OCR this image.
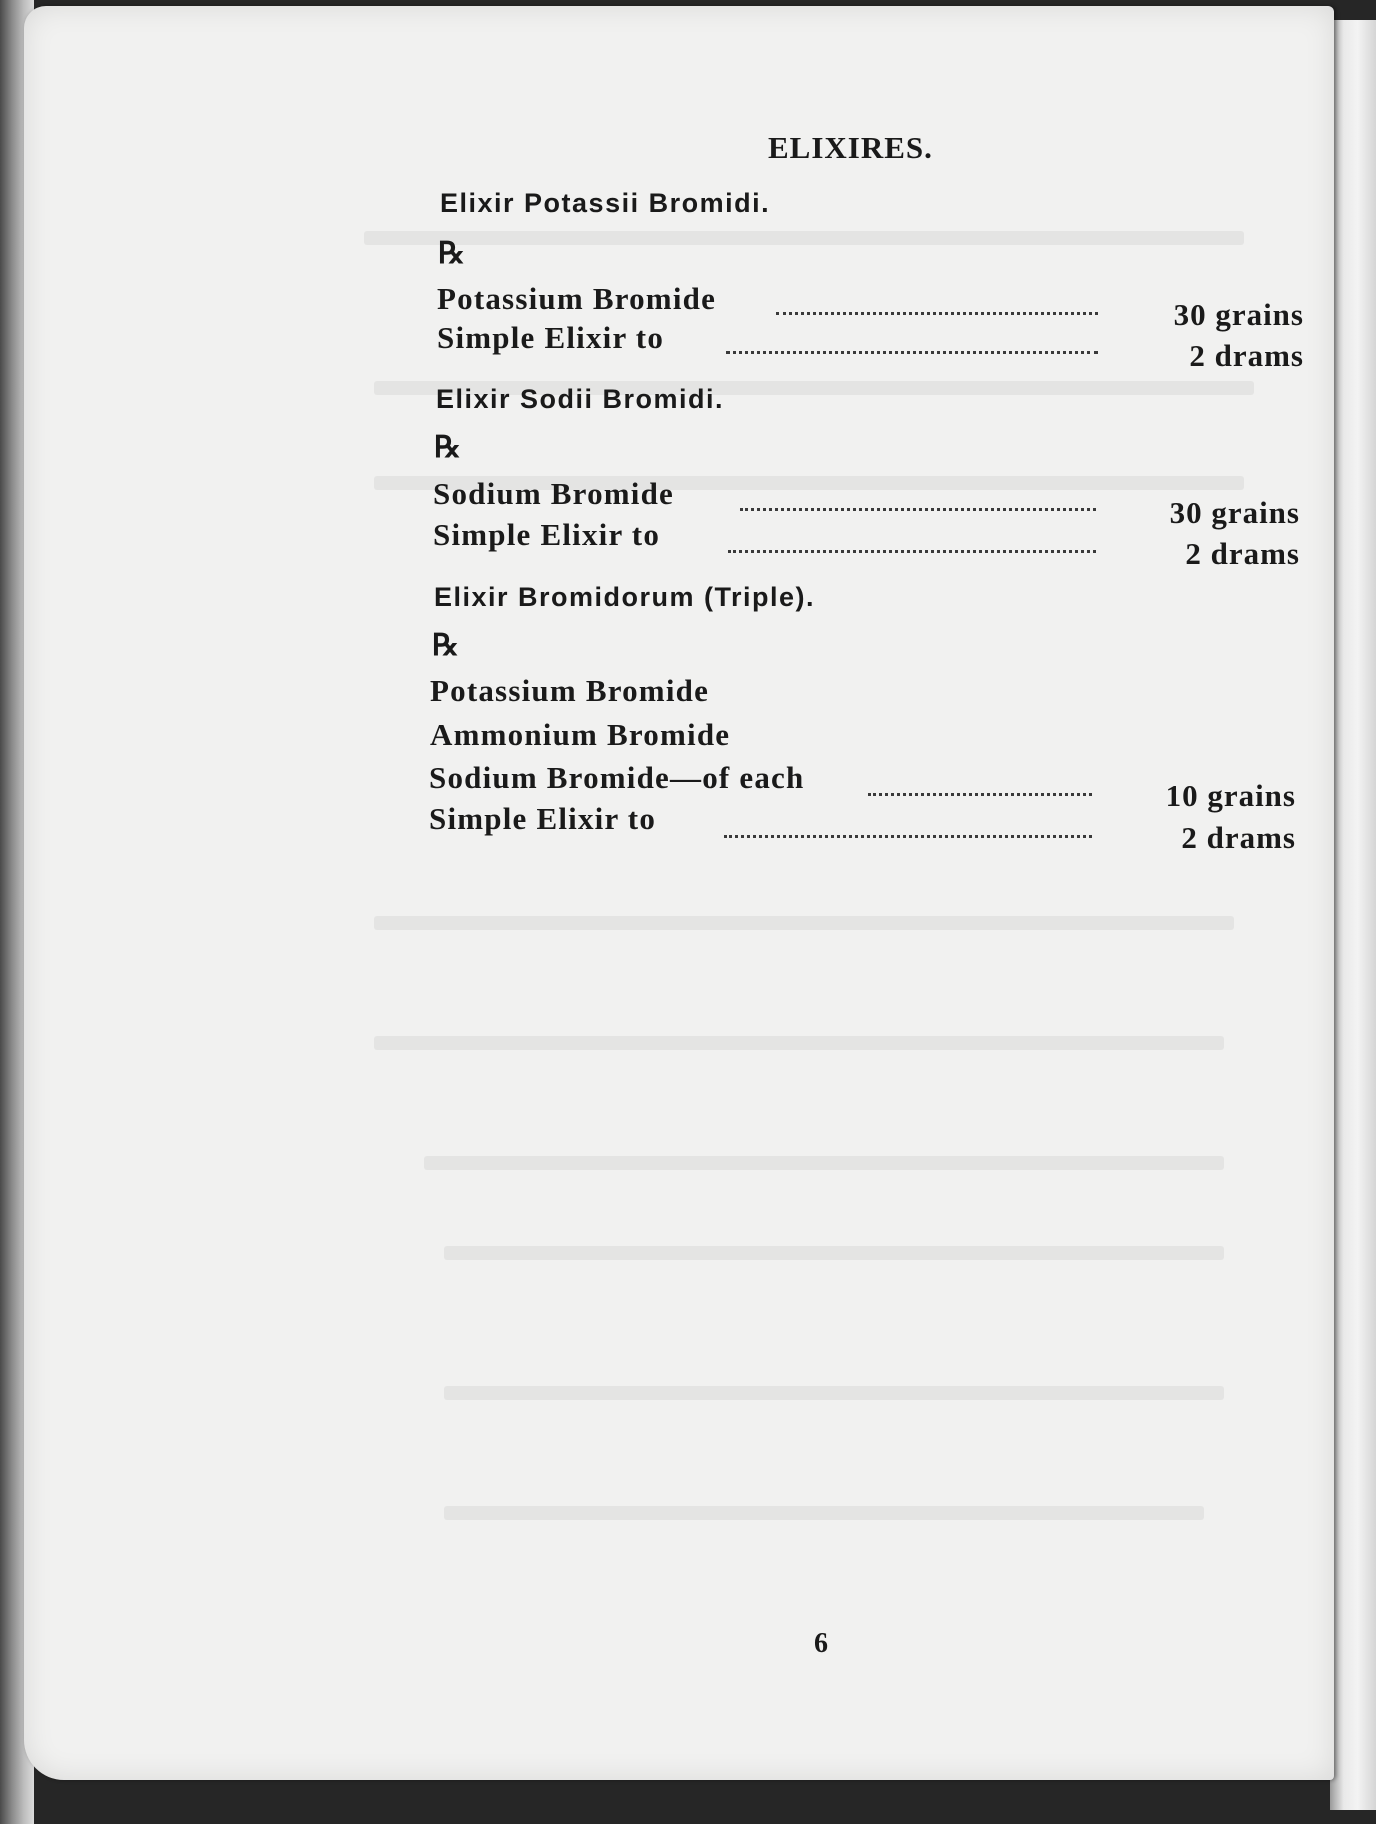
ELIXIRES.
Elixir Potassii Bromidi.
℞
Potassium Bromide	30 grains
Simple Elixir to
2 drams
Elixir Sodii Bromidi.
℞
Sodium Bromide
30 grains
Simple Elixir to
2 drams
Elixir Bromidorum (Triple).
℞
Potassium Bromide
Ammonium Bromide
Sodium Bromide—of each
10 grains
Simple Elixir to
2 drams
6
